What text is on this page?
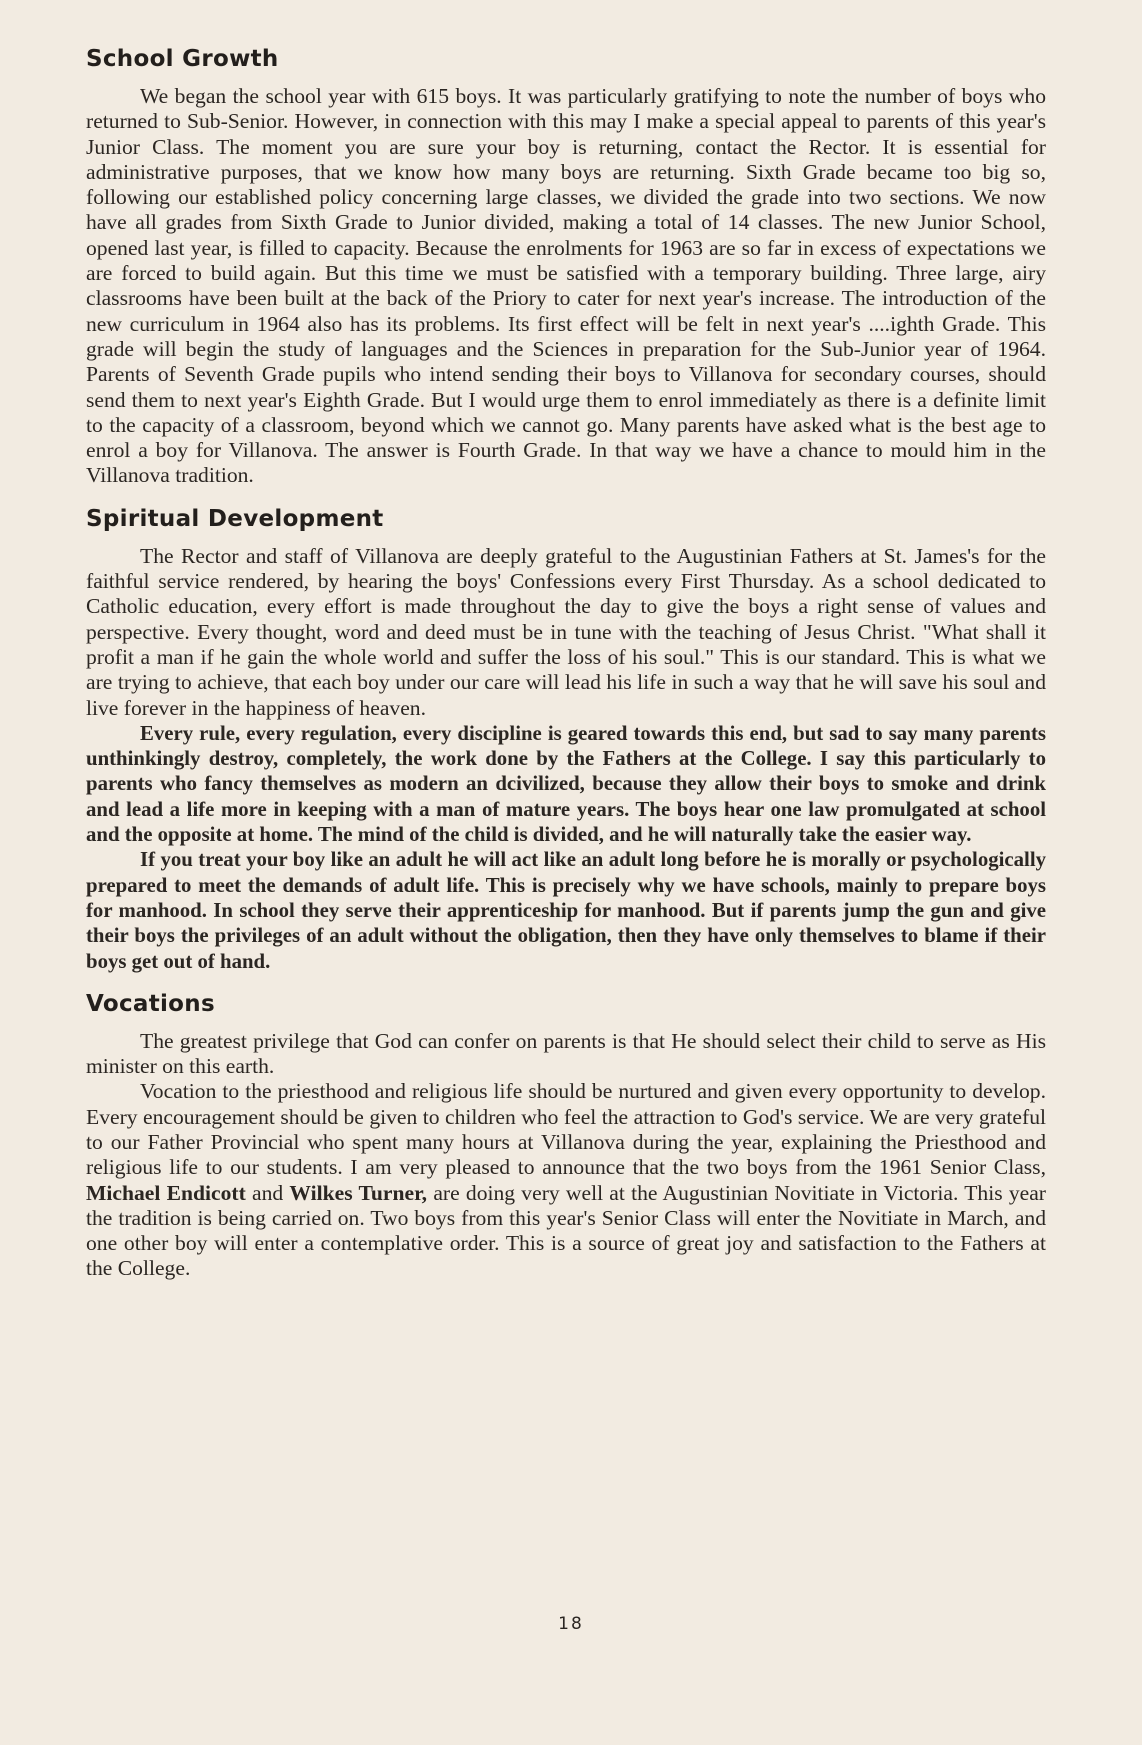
School Growth

We began the school year with 615 boys. It was particularly gratifying to note the number of boys who returned to Sub-Senior. However, in connection with this may I make a special appeal to parents of this year's Junior Class. The moment you are sure your boy is returning, contact the Rector. It is essential for administrative purposes, that we know how many boys are returning. Sixth Grade became too big so, following our established policy concerning large classes, we divided the grade into two sections. We now have all grades from Sixth Grade to Junior divided, making a total of 14 classes. The new Junior School, opened last year, is filled to capacity. Because the enrolments for 1963 are so far in excess of expectations we are forced to build again. But this time we must be satisfied with a temporary building. Three large, airy classrooms have been built at the back of the Priory to cater for next year's increase. The introduction of the new curriculum in 1964 also has its problems. Its first effect will be felt in next year's ....ighth Grade. This grade will begin the study of languages and the Sciences in preparation for the Sub-Junior year of 1964. Parents of Seventh Grade pupils who intend sending their boys to Villanova for secondary courses, should send them to next year's Eighth Grade. But I would urge them to enrol immediately as there is a definite limit to the capacity of a classroom, beyond which we cannot go. Many parents have asked what is the best age to enrol a boy for Villanova. The answer is Fourth Grade. In that way we have a chance to mould him in the Villanova tradition.

Spiritual Development

The Rector and staff of Villanova are deeply grateful to the Augustinian Fathers at St. James's for the faithful service rendered, by hearing the boys' Confessions every First Thursday. As a school dedicated to Catholic education, every effort is made throughout the day to give the boys a right sense of values and perspective. Every thought, word and deed must be in tune with the teaching of Jesus Christ. "What shall it profit a man if he gain the whole world and suffer the loss of his soul." This is our standard. This is what we are trying to achieve, that each boy under our care will lead his life in such a way that he will save his soul and live forever in the happiness of heaven.

Every rule, every regulation, every discipline is geared towards this end, but sad to say many parents unthinkingly destroy, completely, the work done by the Fathers at the College. I say this particularly to parents who fancy themselves as modern an dcivilized, because they allow their boys to smoke and drink and lead a life more in keeping with a man of mature years. The boys hear one law promulgated at school and the opposite at home. The mind of the child is divided, and he will naturally take the easier way.

If you treat your boy like an adult he will act like an adult long before he is morally or psychologically prepared to meet the demands of adult life. This is precisely why we have schools, mainly to prepare boys for manhood. In school they serve their apprenticeship for manhood. But if parents jump the gun and give their boys the privileges of an adult without the obligation, then they have only themselves to blame if their boys get out of hand.

Vocations

The greatest privilege that God can confer on parents is that He should select their child to serve as His minister on this earth.

Vocation to the priesthood and religious life should be nurtured and given every opportunity to develop. Every encouragement should be given to children who feel the attraction to God's service. We are very grateful to our Father Provincial who spent many hours at Villanova during the year, explaining the Priesthood and religious life to our students. I am very pleased to announce that the two boys from the 1961 Senior Class, Michael Endicott and Wilkes Turner, are doing very well at the Augustinian Novitiate in Victoria. This year the tradition is being carried on. Two boys from this year's Senior Class will enter the Novitiate in March, and one other boy will enter a contemplative order. This is a source of great joy and satisfaction to the Fathers at the College.

18
